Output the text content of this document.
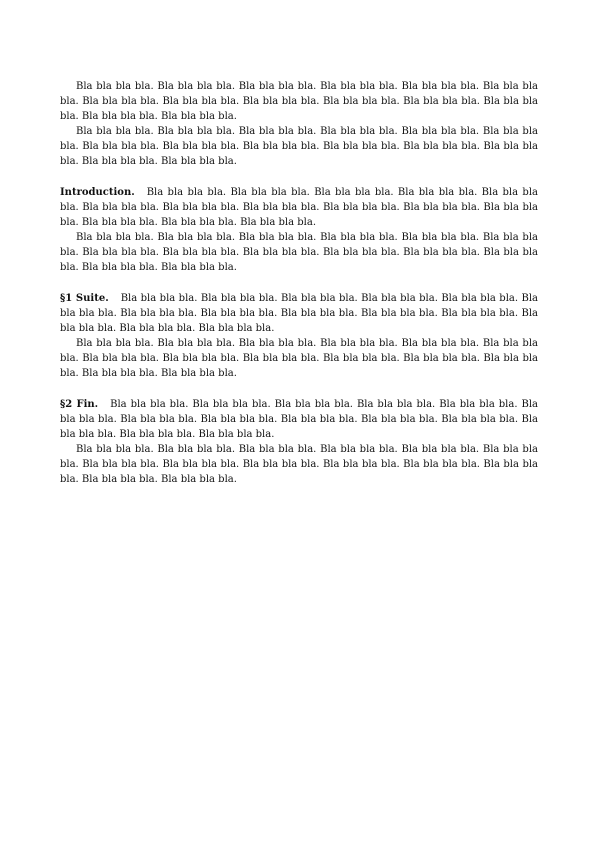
Bla bla bla bla. Bla bla bla bla. Bla bla bla bla. Bla bla bla bla. Bla bla bla bla. Bla bla bla bla. Bla bla bla bla. Bla bla bla bla. Bla bla bla bla. Bla bla bla bla. Bla bla bla bla. Bla bla bla bla. Bla bla bla bla. Bla bla bla bla.

Bla bla bla bla. Bla bla bla bla. Bla bla bla bla. Bla bla bla bla. Bla bla bla bla. Bla bla bla bla. Bla bla bla bla. Bla bla bla bla. Bla bla bla bla. Bla bla bla bla. Bla bla bla bla. Bla bla bla bla. Bla bla bla bla. Bla bla bla bla.

Introduction. Bla bla bla bla. Bla bla bla bla. Bla bla bla bla. Bla bla bla bla. Bla bla bla bla. Bla bla bla bla. Bla bla bla bla. Bla bla bla bla. Bla bla bla bla. Bla bla bla bla. Bla bla bla bla. Bla bla bla bla. Bla bla bla bla. Bla bla bla bla.

Bla bla bla bla. Bla bla bla bla. Bla bla bla bla. Bla bla bla bla. Bla bla bla bla. Bla bla bla bla. Bla bla bla bla. Bla bla bla bla. Bla bla bla bla. Bla bla bla bla. Bla bla bla bla. Bla bla bla bla. Bla bla bla bla. Bla bla bla bla.

§1 Suite. Bla bla bla bla. Bla bla bla bla. Bla bla bla bla. Bla bla bla bla. Bla bla bla bla. Bla bla bla bla. Bla bla bla bla. Bla bla bla bla. Bla bla bla bla. Bla bla bla bla. Bla bla bla bla. Bla bla bla bla. Bla bla bla bla. Bla bla bla bla.

Bla bla bla bla. Bla bla bla bla. Bla bla bla bla. Bla bla bla bla. Bla bla bla bla. Bla bla bla bla. Bla bla bla bla. Bla bla bla bla. Bla bla bla bla. Bla bla bla bla. Bla bla bla bla. Bla bla bla bla. Bla bla bla bla. Bla bla bla bla.

§2 Fin. Bla bla bla bla. Bla bla bla bla. Bla bla bla bla. Bla bla bla bla. Bla bla bla bla. Bla bla bla bla. Bla bla bla bla. Bla bla bla bla. Bla bla bla bla. Bla bla bla bla. Bla bla bla bla. Bla bla bla bla. Bla bla bla bla. Bla bla bla bla.

Bla bla bla bla. Bla bla bla bla. Bla bla bla bla. Bla bla bla bla. Bla bla bla bla. Bla bla bla bla. Bla bla bla bla. Bla bla bla bla. Bla bla bla bla. Bla bla bla bla. Bla bla bla bla. Bla bla bla bla. Bla bla bla bla. Bla bla bla bla.
